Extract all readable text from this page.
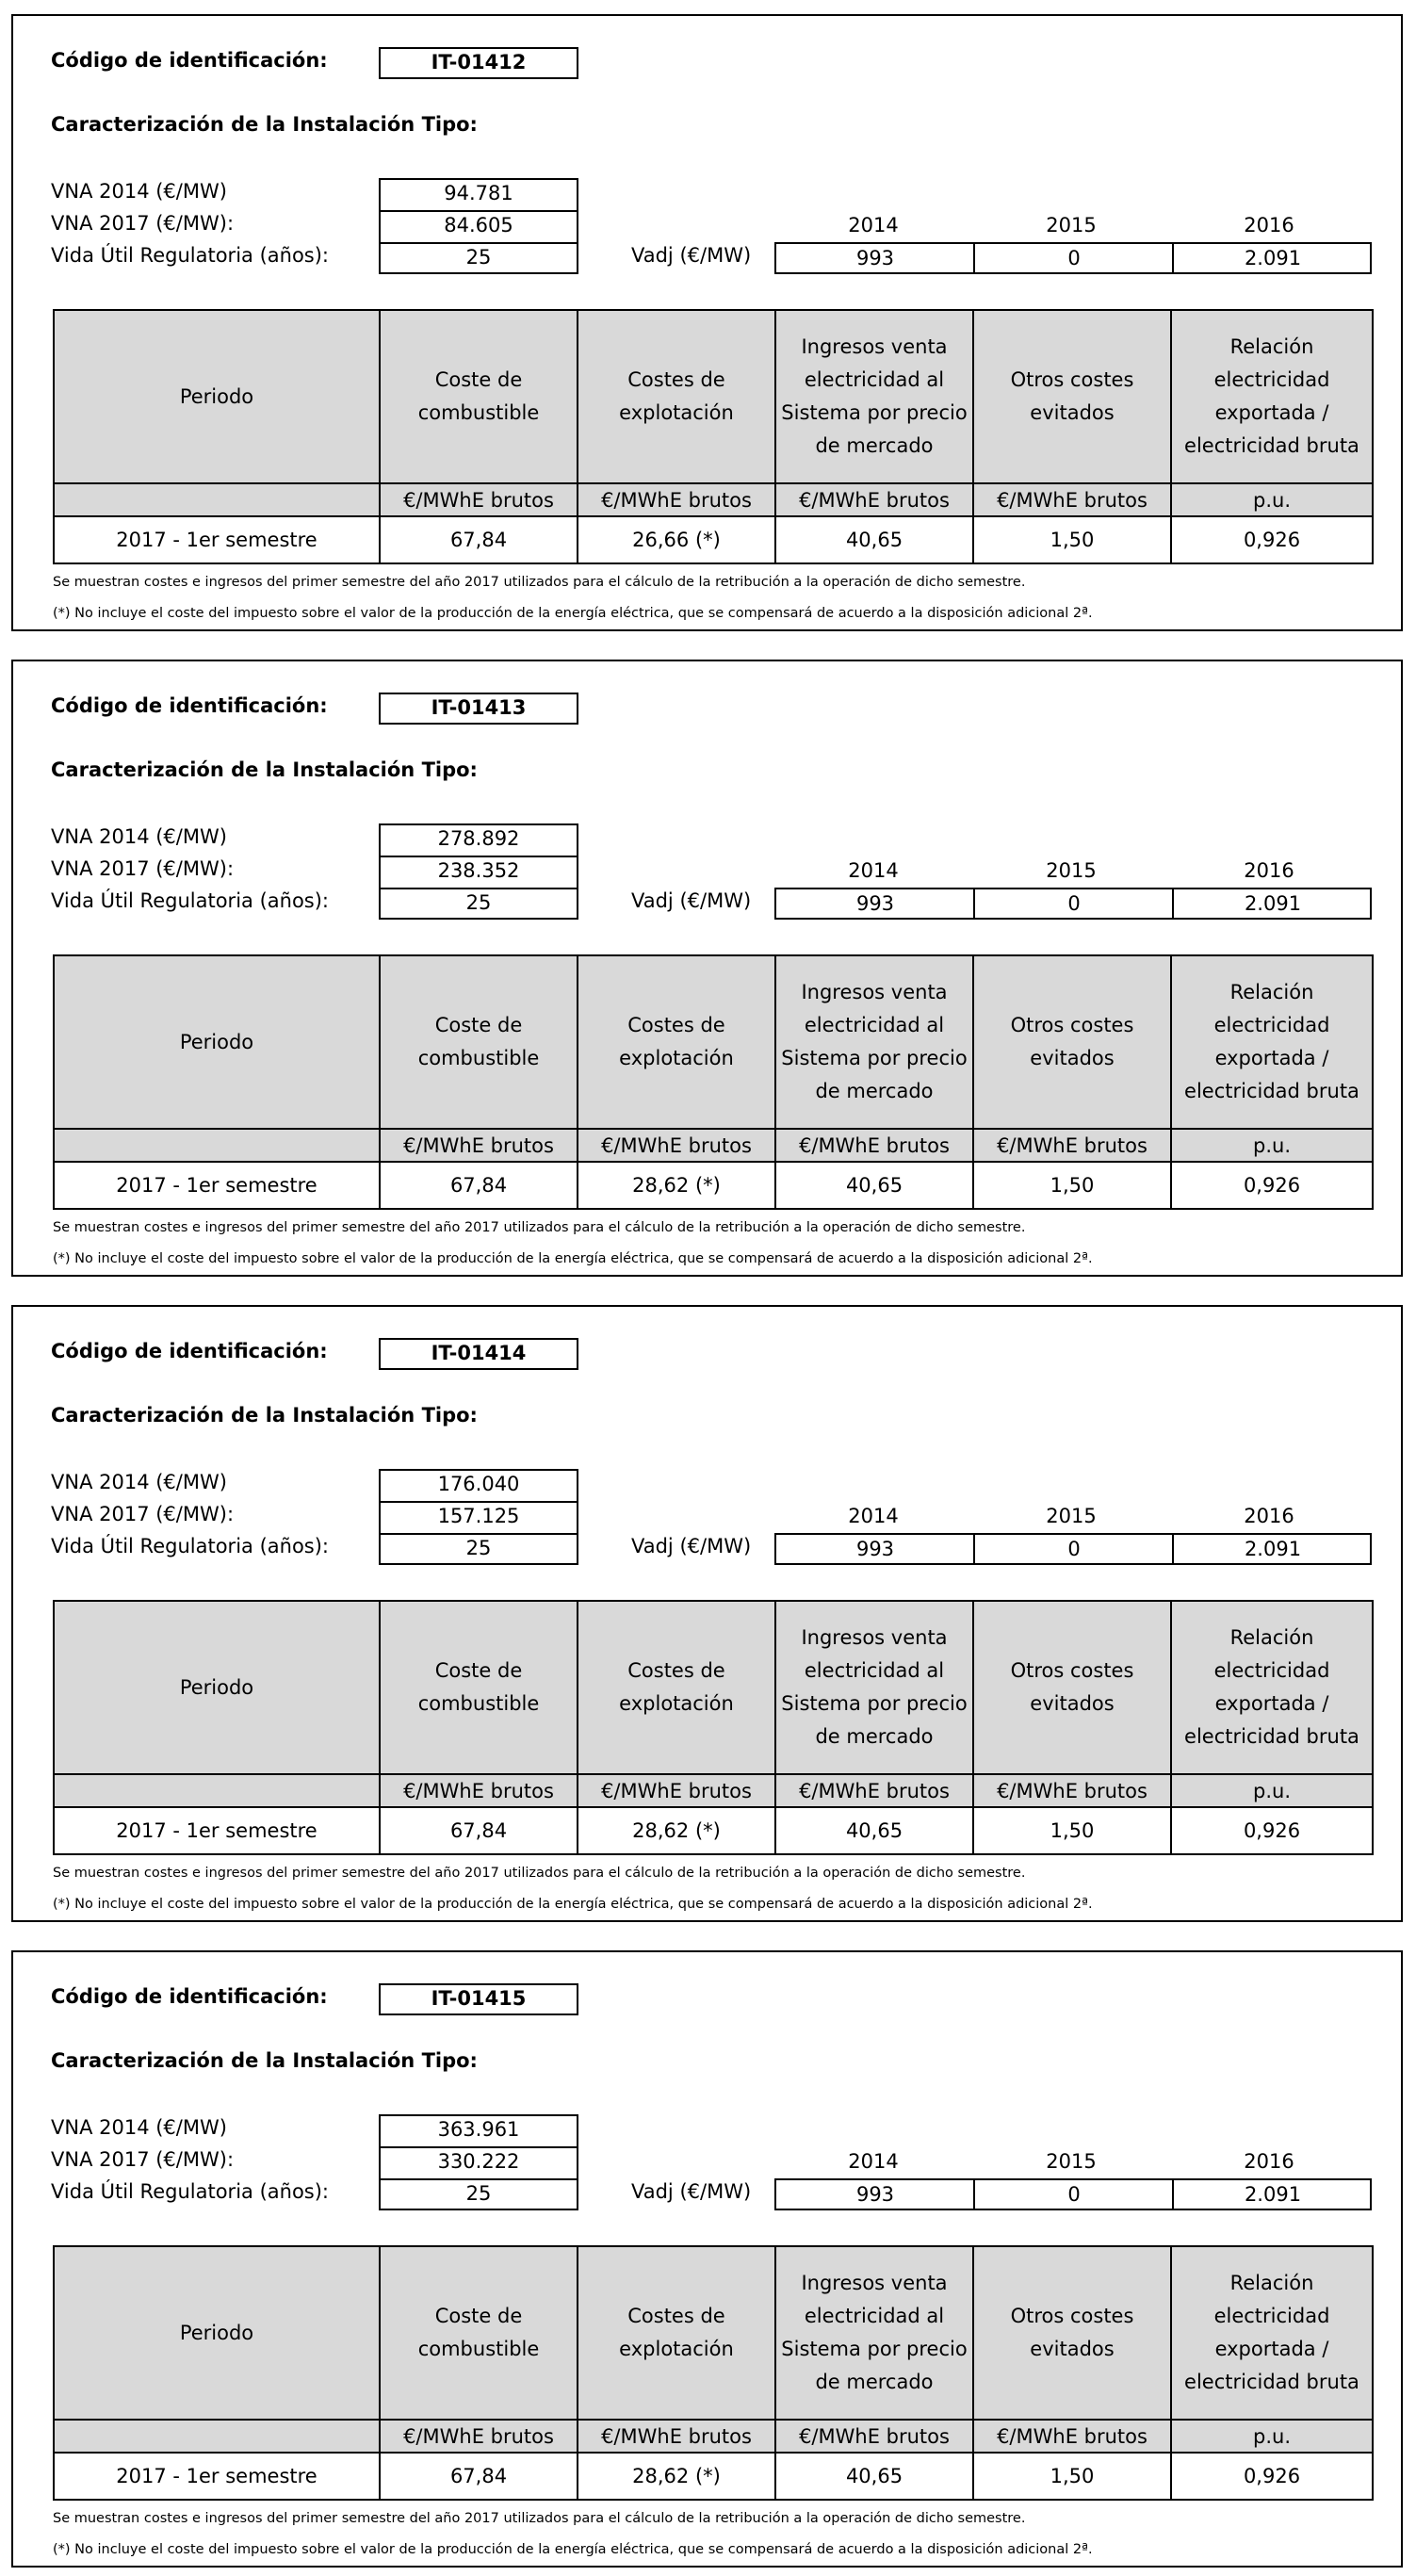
Código de identificación:	IT-01412
Caracterización de la Instalación Tipo:
VNA 2014 (€/MW)	94.781
VNA 2017 (€/MW):	84.605
Vida Útil Regulatoria (años):	25
2014	2015	2016
Vadj (€/MW)	993	0	2.091
Periodo	Coste de combustible	Costes de explotación	Ingresos venta electricidad al Sistema por precio de mercado	Otros costes evitados	Relación electricidad exportada / electricidad bruta
	€/MWhE brutos	€/MWhE brutos	€/MWhE brutos	€/MWhE brutos	p.u.
2017 - 1er semestre	67,84	26,66 (*)	40,65	1,50	0,926
Se muestran costes e ingresos del primer semestre del año 2017 utilizados para el cálculo de la retribución a la operación de dicho semestre.
(*) No incluye el coste del impuesto sobre el valor de la producción de la energía eléctrica, que se compensará de acuerdo a la disposición adicional 2ª.
Código de identificación:	IT-01413
Caracterización de la Instalación Tipo:
VNA 2014 (€/MW)	278.892
VNA 2017 (€/MW):	238.352
Vida Útil Regulatoria (años):	25
2014	2015	2016
Vadj (€/MW)	993	0	2.091
Periodo	Coste de combustible	Costes de explotación	Ingresos venta electricidad al Sistema por precio de mercado	Otros costes evitados	Relación electricidad exportada / electricidad bruta
	€/MWhE brutos	€/MWhE brutos	€/MWhE brutos	€/MWhE brutos	p.u.
2017 - 1er semestre	67,84	28,62 (*)	40,65	1,50	0,926
Se muestran costes e ingresos del primer semestre del año 2017 utilizados para el cálculo de la retribución a la operación de dicho semestre.
(*) No incluye el coste del impuesto sobre el valor de la producción de la energía eléctrica, que se compensará de acuerdo a la disposición adicional 2ª.
Código de identificación:	IT-01414
Caracterización de la Instalación Tipo:
VNA 2014 (€/MW)	176.040
VNA 2017 (€/MW):	157.125
Vida Útil Regulatoria (años):	25
2014	2015	2016
Vadj (€/MW)	993	0	2.091
Periodo	Coste de combustible	Costes de explotación	Ingresos venta electricidad al Sistema por precio de mercado	Otros costes evitados	Relación electricidad exportada / electricidad bruta
	€/MWhE brutos	€/MWhE brutos	€/MWhE brutos	€/MWhE brutos	p.u.
2017 - 1er semestre	67,84	28,62 (*)	40,65	1,50	0,926
Se muestran costes e ingresos del primer semestre del año 2017 utilizados para el cálculo de la retribución a la operación de dicho semestre.
(*) No incluye el coste del impuesto sobre el valor de la producción de la energía eléctrica, que se compensará de acuerdo a la disposición adicional 2ª.
Código de identificación:	IT-01415
Caracterización de la Instalación Tipo:
VNA 2014 (€/MW)	363.961
VNA 2017 (€/MW):	330.222
Vida Útil Regulatoria (años):	25
2014	2015	2016
Vadj (€/MW)	993	0	2.091
Periodo	Coste de combustible	Costes de explotación	Ingresos venta electricidad al Sistema por precio de mercado	Otros costes evitados	Relación electricidad exportada / electricidad bruta
	€/MWhE brutos	€/MWhE brutos	€/MWhE brutos	€/MWhE brutos	p.u.
2017 - 1er semestre	67,84	28,62 (*)	40,65	1,50	0,926
Se muestran costes e ingresos del primer semestre del año 2017 utilizados para el cálculo de la retribución a la operación de dicho semestre.
(*) No incluye el coste del impuesto sobre el valor de la producción de la energía eléctrica, que se compensará de acuerdo a la disposición adicional 2ª.
